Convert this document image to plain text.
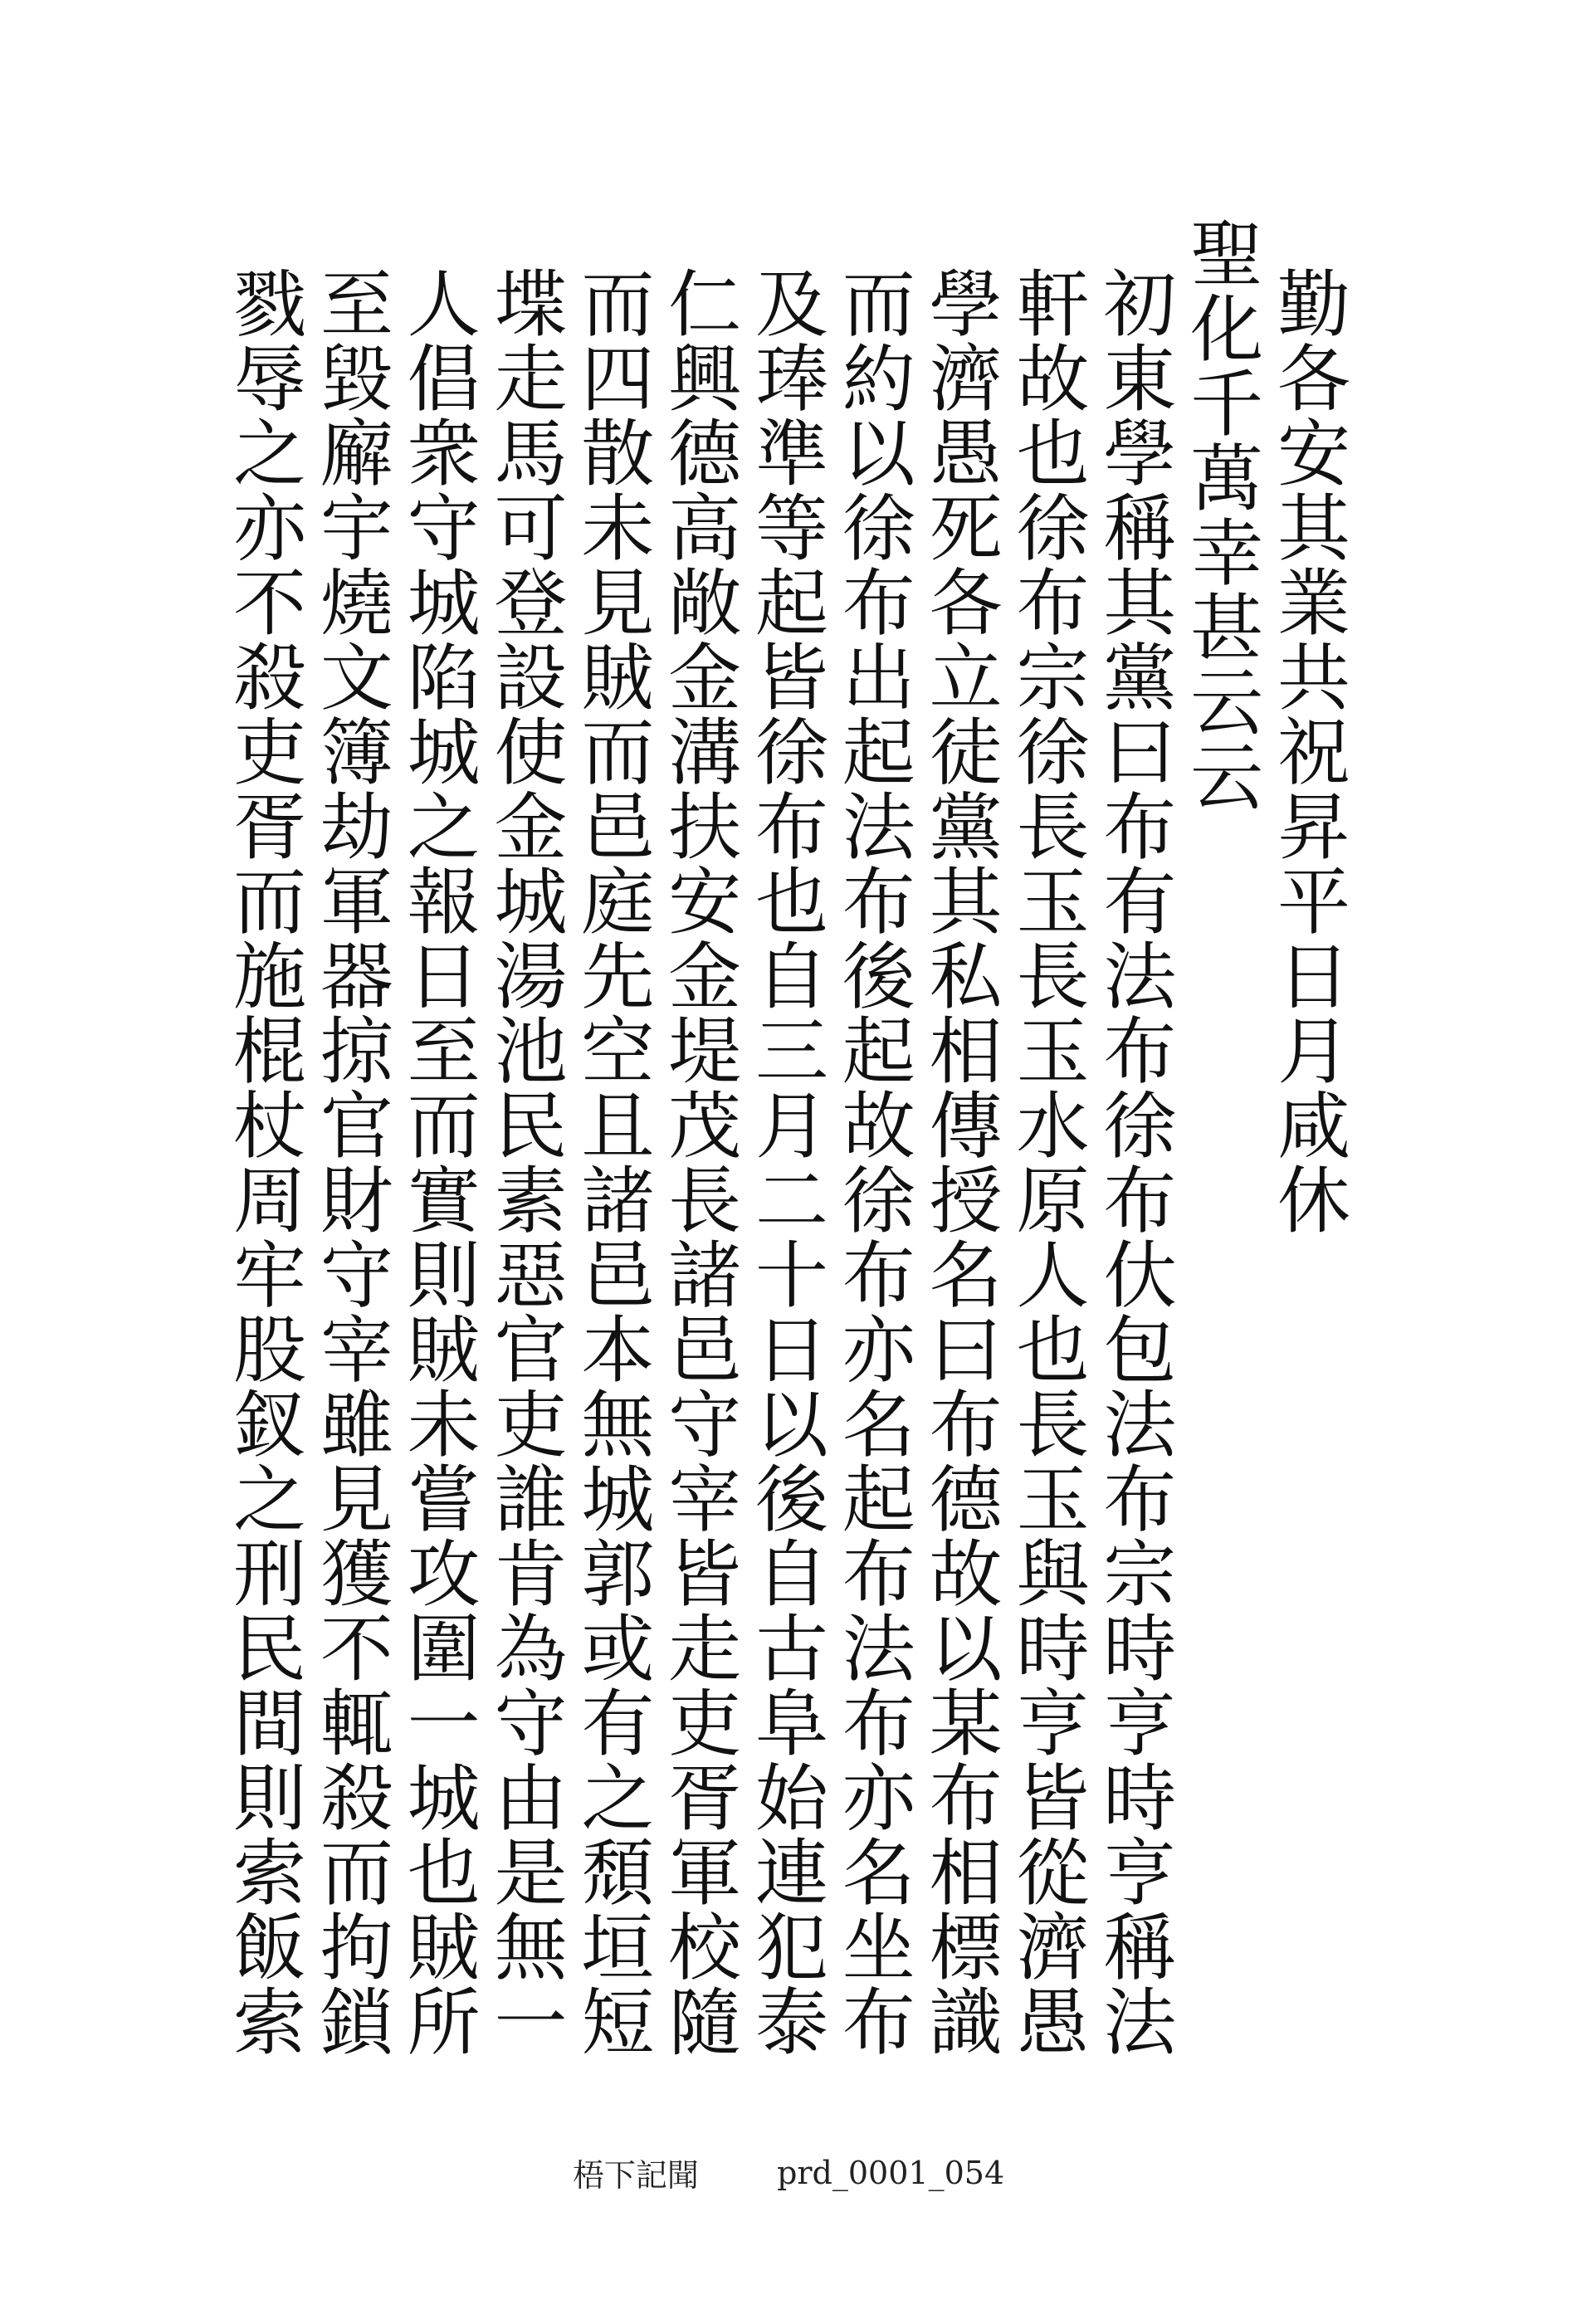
勤各安其業共祝昇平日月咸休
聖化千萬幸甚云云
初東學稱其黨曰布有法布徐布㐲包法布宗時亨時亨稱法
軒故也徐布宗徐長玉長玉水原人也長玉與時亨皆從濟愚
學濟愚死各立徒黨其私相傳授名曰布德故以某布相標識
而約以徐布出起法布後起故徐布亦名起布法布亦名坐布
及琫準等起皆徐布也自三月二十日以後自古阜始連犯泰
仁興德高敞金溝扶安金堤茂長諸邑守宰皆走吏胥軍校隨
而四散未見賊而邑庭先空且諸邑本無城郭或有之頹垣短
堞走馬可登設使金城湯池民素惡官吏誰肯為守由是無一
人倡衆守城陷城之報日至而實則賊未嘗攻圍一城也賊所
至毀廨宇燒文簿劫軍器掠官財守宰雖見獲不輒殺而拘鎖
戮辱之亦不殺吏胥而施棍杖周牢股釵之刑民間則索飯索
梧下記聞 prd_0001_054
